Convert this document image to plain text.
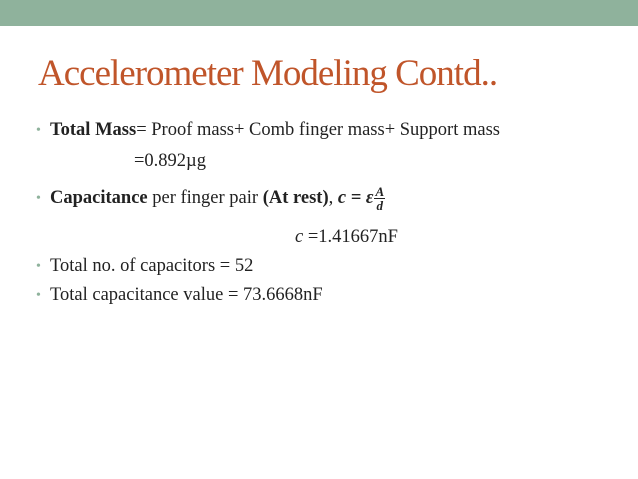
Accelerometer Modeling Contd..
• Total Mass= Proof mass+ Comb finger mass+ Support mass
=0.892µg
• Capacitance per finger pair (At rest), c = ε $\frac{A}{d}$
c =1.41667nF
• Total no. of capacitors = 52
• Total capacitance value = 73.6668nF
